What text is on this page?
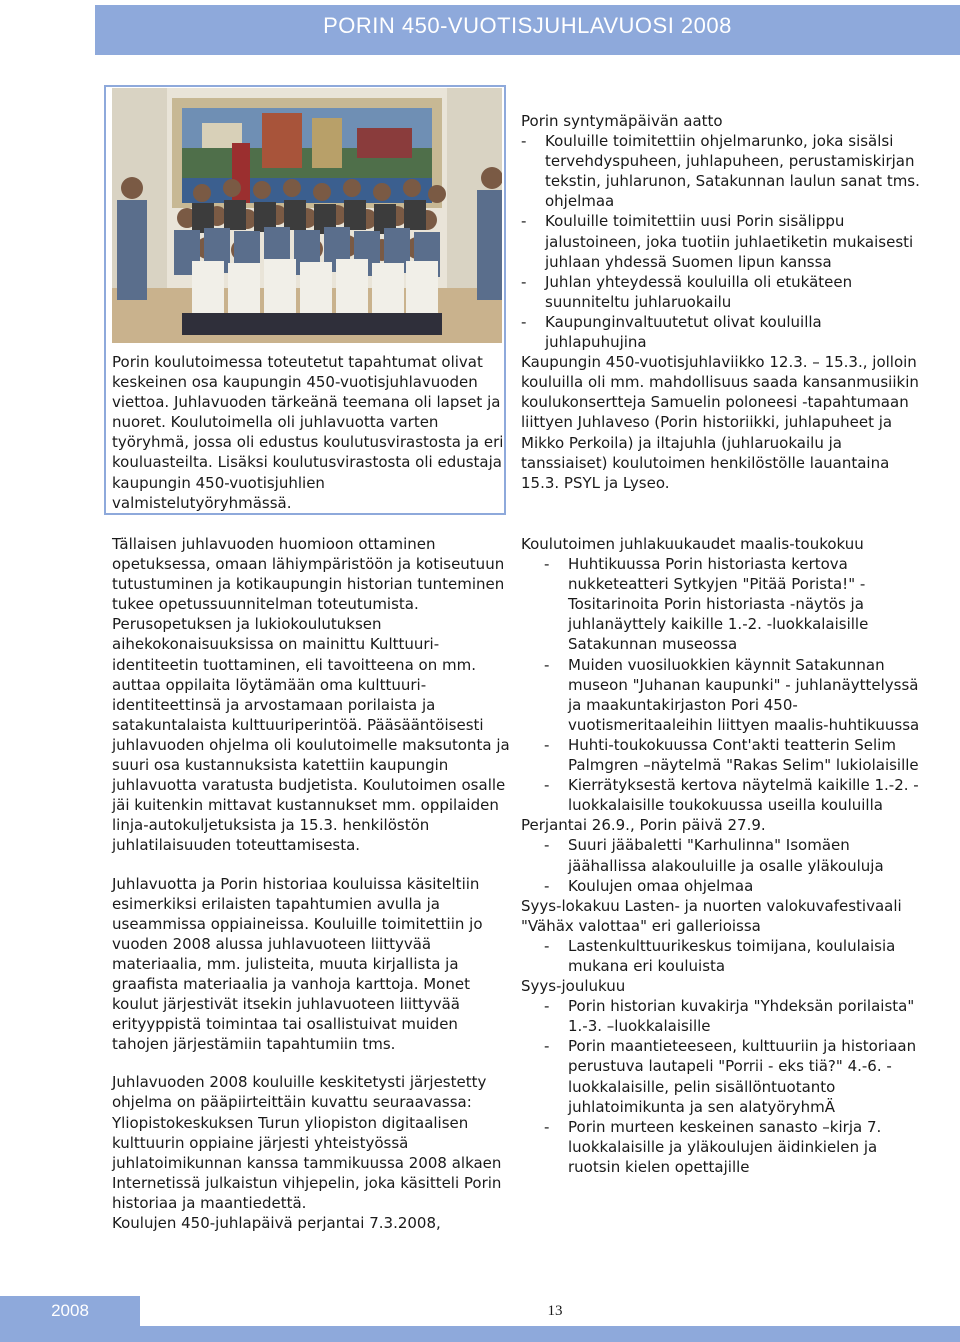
PORIN 450-VUOTISJUHLAVUOSI 2008

Porin koulutoimessa toteutetut tapahtumat olivat keskeinen osa kaupungin 450-vuotisjuhlavuoden viettoa. Juhlavuoden tärkeänä teemana oli lapset ja nuoret. Koulutoimella oli juhlavuotta varten työryhmä, jossa oli edustus koulutusvirastosta ja eri kouluasteilta. Lisäksi koulutusvirastosta oli edustaja kaupungin 450-vuotisjuhlien valmistelutyöryhmässä.

Tällaisen juhlavuoden huomioon ottaminen opetuksessa, omaan lähiympäristöön ja kotiseutuun tutustuminen ja kotikaupungin historian tunteminen tukee opetussuunnitelman toteutumista. Perusopetuksen ja lukiokoulutuksen aihekokonaisuuksissa on mainittu Kulttuuri-identiteetin tuottaminen, eli tavoitteena on mm. auttaa oppilaita löytämään oma kulttuuri-identiteettinsä ja arvostamaan porilaista ja satakuntalaista kulttuuriperintöä. Pääsääntöisesti juhlavuoden ohjelma oli koulutoimelle maksutonta ja suuri osa kustannuksista katettiin kaupungin juhlavuotta varatusta budjetista. Koulutoimen osalle jäi kuitenkin mittavat kustannukset mm. oppilaiden linja-autokuljetuksista ja 15.3. henkilöstön juhlatilaisuuden toteuttamisesta.

Juhlavuotta ja Porin historiaa kouluissa käsiteltiin esimerkiksi erilaisten tapahtumien avulla ja useammissa oppiaineissa. Kouluille toimitettiin jo vuoden 2008 alussa juhlavuoteen liittyvää materiaalia, mm. julisteita, muuta kirjallista ja graafista materiaalia ja vanhoja karttoja. Monet koulut järjestivät itsekin juhlavuoteen liittyvää erityyppistä toimintaa tai osallistuivat muiden tahojen järjestämiin tapahtumiin tms.

Juhlavuoden 2008 kouluille keskitetysti järjestetty ohjelma on pääpiirteittäin kuvattu seuraavassa:

Yliopistokeskuksen Turun yliopiston digitaalisen kulttuurin oppiaine järjesti yhteistyössä juhlatoimikunnan kanssa tammikuussa 2008 alkaen Internetissä julkaistun vihjepelin, joka käsitteli Porin historiaa ja maantiedettä.

Koulujen 450-juhlapäivä perjantai 7.3.2008,

Porin syntymäpäivän aatto
-	Kouluille toimitettiin ohjelmarunko, joka sisälsi tervehdyspuheen, juhlapuheen, perustamiskirjan tekstin, juhlarunon, Satakunnan laulun sanat tms. ohjelmaa
-	Kouluille toimitettiin uusi Porin sisälippu jalustoineen, joka tuotiin juhlaetiketin mukaisesti juhlaan yhdessä Suomen lipun kanssa
-	Juhlan yhteydessä kouluilla oli etukäteen suunniteltu juhlaruokailu
-	Kaupunginvaltuutetut olivat kouluilla juhlapuhujina
Kaupungin 450-vuotisjuhlaviikko 12.3. – 15.3., jolloin kouluilla oli mm. mahdollisuus saada kansanmusiikin koulukonsertteja Samuelin poloneesi -tapahtumaan liittyen Juhlaveso (Porin historiikki, juhlapuheet ja Mikko Perkoila) ja iltajuhla (juhlaruokailu ja tanssiaiset) koulutoimen henkilöstölle lauantaina 15.3. PSYL ja Lyseo.
Koulutoimen juhlakuukaudet maalis-toukokuu
-	Huhtikuussa Porin historiasta kertova nukketeatteri Sytkyjen "Pitää Porista!" - Tositarinoita Porin historiasta -näytös ja juhlanäyttely kaikille 1.-2. -luokkalaisille Satakunnan museossa
-	Muiden vuosiluokkien käynnit Satakunnan museon "Juhanan kaupunki" - juhlanäyttelyssä ja maakuntakirjaston Pori 450-vuotismeritaaleihin liittyen maalis-huhtikuussa
-	Huhti-toukokuussa Cont'akti teatterin Selim Palmgren –näytelmä "Rakas Selim" lukiolaisille
-	Kierrätyksestä kertova näytelmä kaikille 1.-2. -luokkalaisille toukokuussa useilla kouluilla
Perjantai 26.9., Porin päivä 27.9.
-	Suuri jääbaletti "Karhulinna" Isomäen jäähallissa alakouluille ja osalle yläkouluja
-	Koulujen omaa ohjelmaa
Syys-lokakuu Lasten- ja nuorten valokuvafestivaali "Vähäx valottaa" eri gallerioissa
-	Lastenkulttuurikeskus toimijana, koululaisia mukana eri kouluista
Syys-joulukuu
-	Porin historian kuvakirja "Yhdeksän porilaista" 1.-3. –luokkalaisille
-	Porin maantieteeseen, kulttuuriin ja historiaan perustuva lautapeli "Porrii - eks tiä?" 4.-6. -luokkalaisille, pelin sisällöntuotanto juhlatoimikunta ja sen alatyöryhmÄ
-	Porin murteen keskeinen sanasto –kirja 7. luokkalaisille ja yläkoulujen äidinkielen ja ruotsin kielen opettajille
2008	13
